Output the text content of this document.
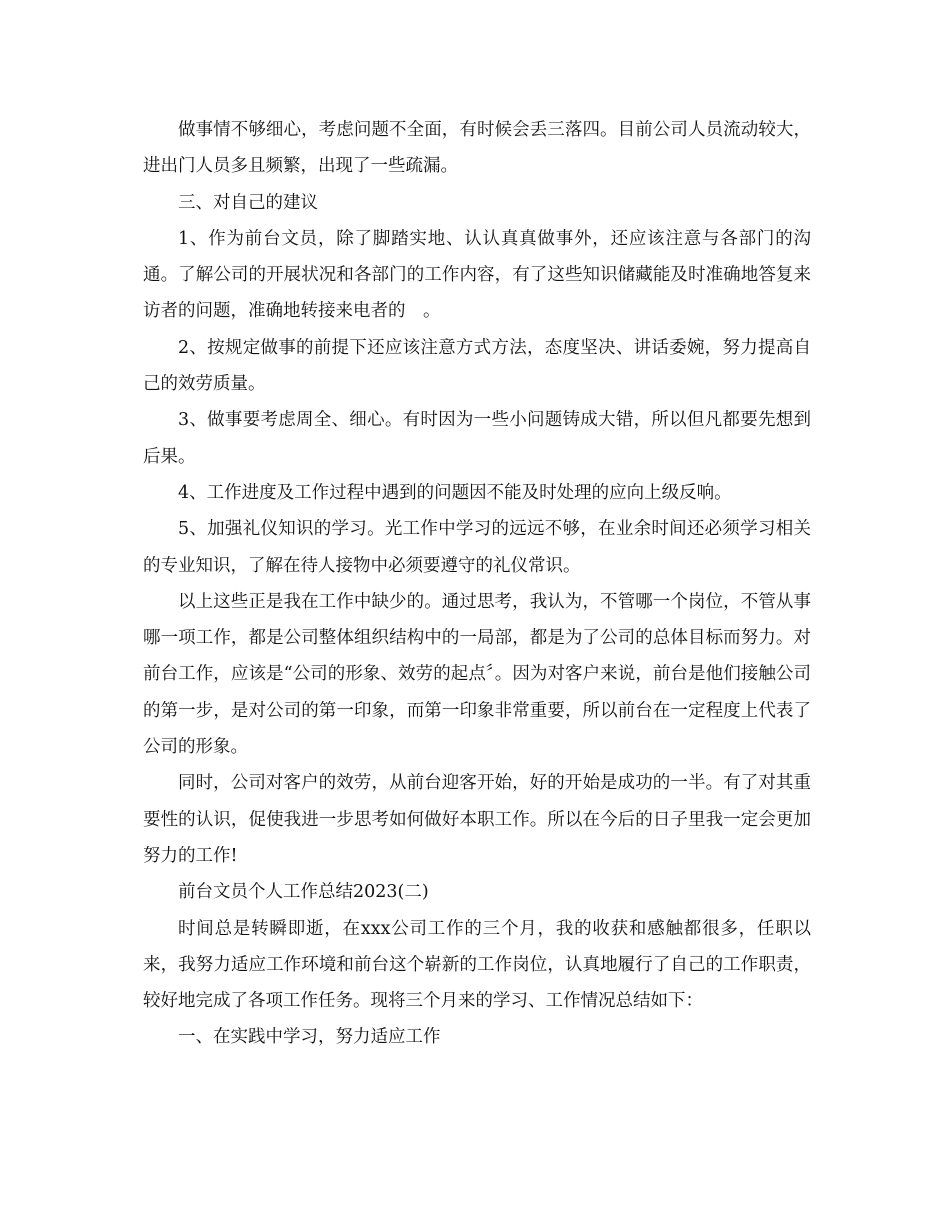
做事情不够细心，考虑问题不全面，有时候会丢三落四。目前公司人员流动较大，进出门人员多且频繁，出现了一些疏漏。

三、对自己的建议

1、作为前台文员，除了脚踏实地、认认真真做事外，还应该注意与各部门的沟通。了解公司的开展状况和各部门的工作内容，有了这些知识储藏能及时准确地答复来访者的问题，准确地转接来电者的　。

2、按规定做事的前提下还应该注意方式方法，态度坚决、讲话委婉，努力提高自己的效劳质量。

3、做事要考虑周全、细心。有时因为一些小问题铸成大错，所以但凡都要先想到后果。

4、工作进度及工作过程中遇到的问题因不能及时处理的应向上级反响。

5、加强礼仪知识的学习。光工作中学习的远远不够，在业余时间还必须学习相关的专业知识，了解在待人接物中必须要遵守的礼仪常识。

以上这些正是我在工作中缺少的。通过思考，我认为，不管哪一个岗位，不管从事哪一项工作，都是公司整体组织结构中的一局部，都是为了公司的总体目标而努力。对前台工作，应该是“公司的形象、效劳的起点〞。因为对客户来说，前台是他们接触公司的第一步，是对公司的第一印象，而第一印象非常重要，所以前台在一定程度上代表了公司的形象。

同时，公司对客户的效劳，从前台迎客开始，好的开始是成功的一半。有了对其重要性的认识，促使我进一步思考如何做好本职工作。所以在今后的日子里我一定会更加努力的工作!

前台文员个人工作总结2023(二)

时间总是转瞬即逝，在xxx公司工作的三个月，我的收获和感触都很多，任职以来，我努力适应工作环境和前台这个崭新的工作岗位，认真地履行了自己的工作职责，较好地完成了各项工作任务。现将三个月来的学习、工作情况总结如下：

一、在实践中学习，努力适应工作
